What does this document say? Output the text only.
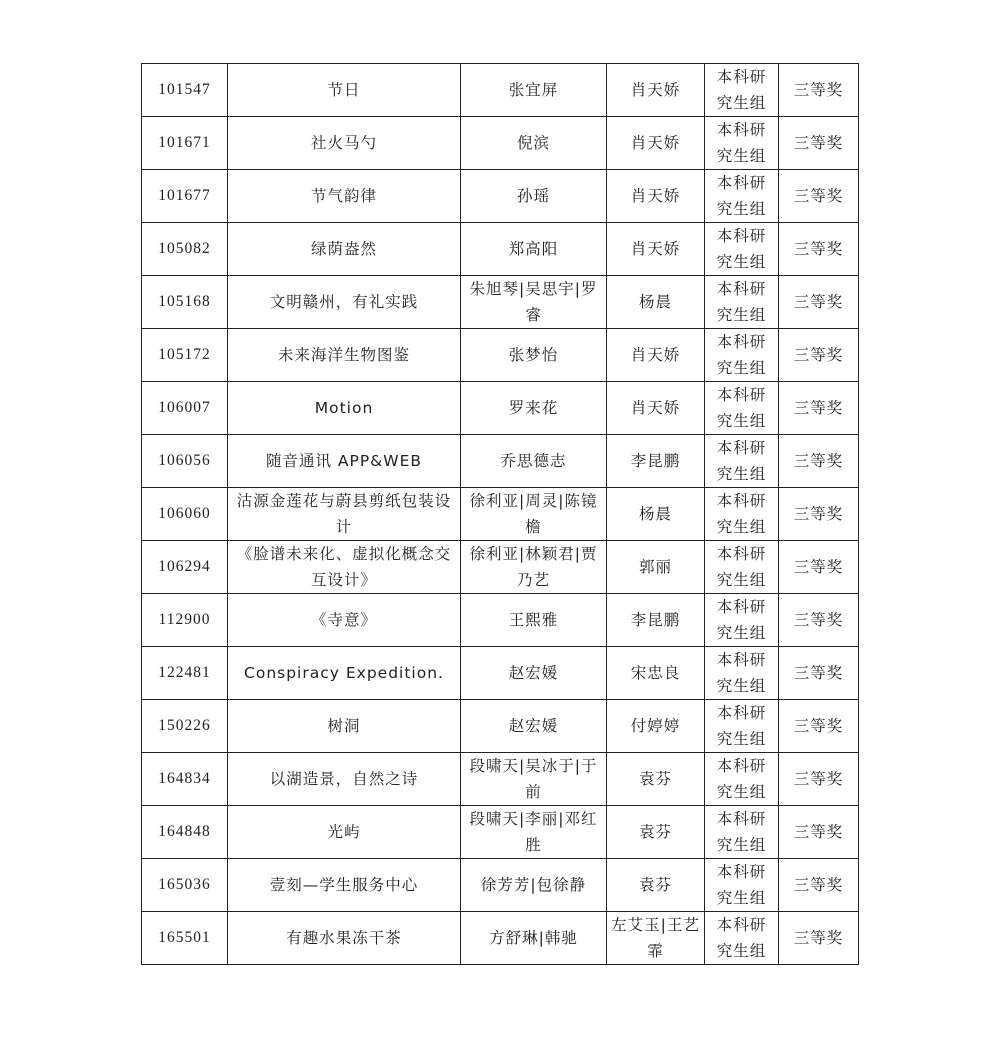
101547	节日	张宜屏	肖天娇	本科研究生组	三等奖
101671	社火马勺	倪滨	肖天娇	本科研究生组	三等奖
101677	节气韵律	孙瑶	肖天娇	本科研究生组	三等奖
105082	绿荫盎然	郑高阳	肖天娇	本科研究生组	三等奖
105168	文明赣州，有礼实践	朱旭琴|吴思宇|罗睿	杨晨	本科研究生组	三等奖
105172	未来海洋生物图鉴	张梦怡	肖天娇	本科研究生组	三等奖
106007	Motion	罗来花	肖天娇	本科研究生组	三等奖
106056	随音通讯 APP&WEB	乔思德志	李昆鹏	本科研究生组	三等奖
106060	沽源金莲花与蔚县剪纸包装设计	徐利亚|周灵|陈镜檐	杨晨	本科研究生组	三等奖
106294	《脸谱未来化、虚拟化概念交互设计》	徐利亚|林颖君|贾乃艺	郭丽	本科研究生组	三等奖
112900	《寺意》	王熙雅	李昆鹏	本科研究生组	三等奖
122481	Conspiracy Expedition.	赵宏媛	宋忠良	本科研究生组	三等奖
150226	树洞	赵宏媛	付婷婷	本科研究生组	三等奖
164834	以湖造景，自然之诗	段啸天|吴冰于|于前	袁芬	本科研究生组	三等奖
164848	光屿	段啸天|李丽|邓红胜	袁芬	本科研究生组	三等奖
165036	壹刻—学生服务中心	徐芳芳|包徐静	袁芬	本科研究生组	三等奖
165501	有趣水果冻干茶	方舒琳|韩驰	左艾玉|王艺霏	本科研究生组	三等奖
